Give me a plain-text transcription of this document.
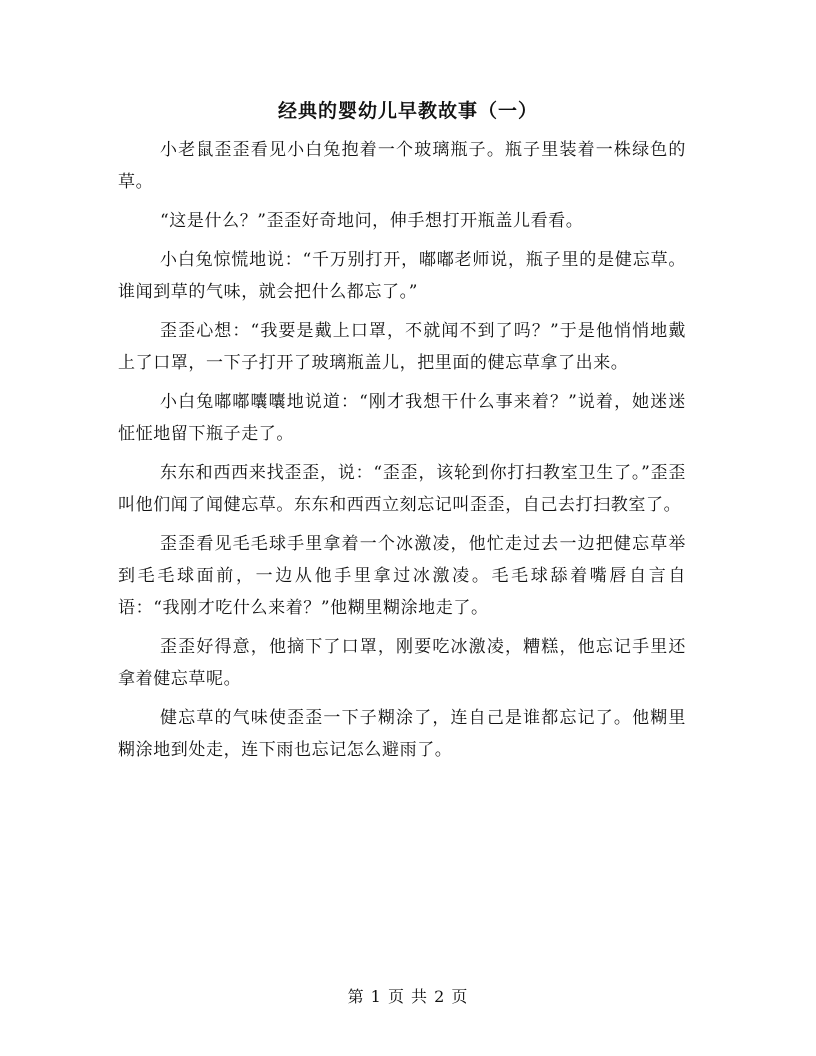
经典的婴幼儿早教故事（一）

小老鼠歪歪看见小白兔抱着一个玻璃瓶子。瓶子里装着一株绿色的草。

“这是什么？”歪歪好奇地问，伸手想打开瓶盖儿看看。

小白兔惊慌地说：“千万别打开，嘟嘟老师说，瓶子里的是健忘草。谁闻到草的气味，就会把什么都忘了。”

歪歪心想：“我要是戴上口罩，不就闻不到了吗？”于是他悄悄地戴上了口罩，一下子打开了玻璃瓶盖儿，把里面的健忘草拿了出来。

小白兔嘟嘟囔囔地说道：“刚才我想干什么事来着？”说着，她迷迷怔怔地留下瓶子走了。

东东和西西来找歪歪，说：“歪歪，该轮到你打扫教室卫生了。”歪歪叫他们闻了闻健忘草。东东和西西立刻忘记叫歪歪，自己去打扫教室了。

歪歪看见毛毛球手里拿着一个冰激凌，他忙走过去一边把健忘草举到毛毛球面前，一边从他手里拿过冰激凌。毛毛球舔着嘴唇自言自语：“我刚才吃什么来着？”他糊里糊涂地走了。

歪歪好得意，他摘下了口罩，刚要吃冰激凌，糟糕，他忘记手里还拿着健忘草呢。

健忘草的气味使歪歪一下子糊涂了，连自己是谁都忘记了。他糊里糊涂地到处走，连下雨也忘记怎么避雨了。

第 1 页 共 2 页
